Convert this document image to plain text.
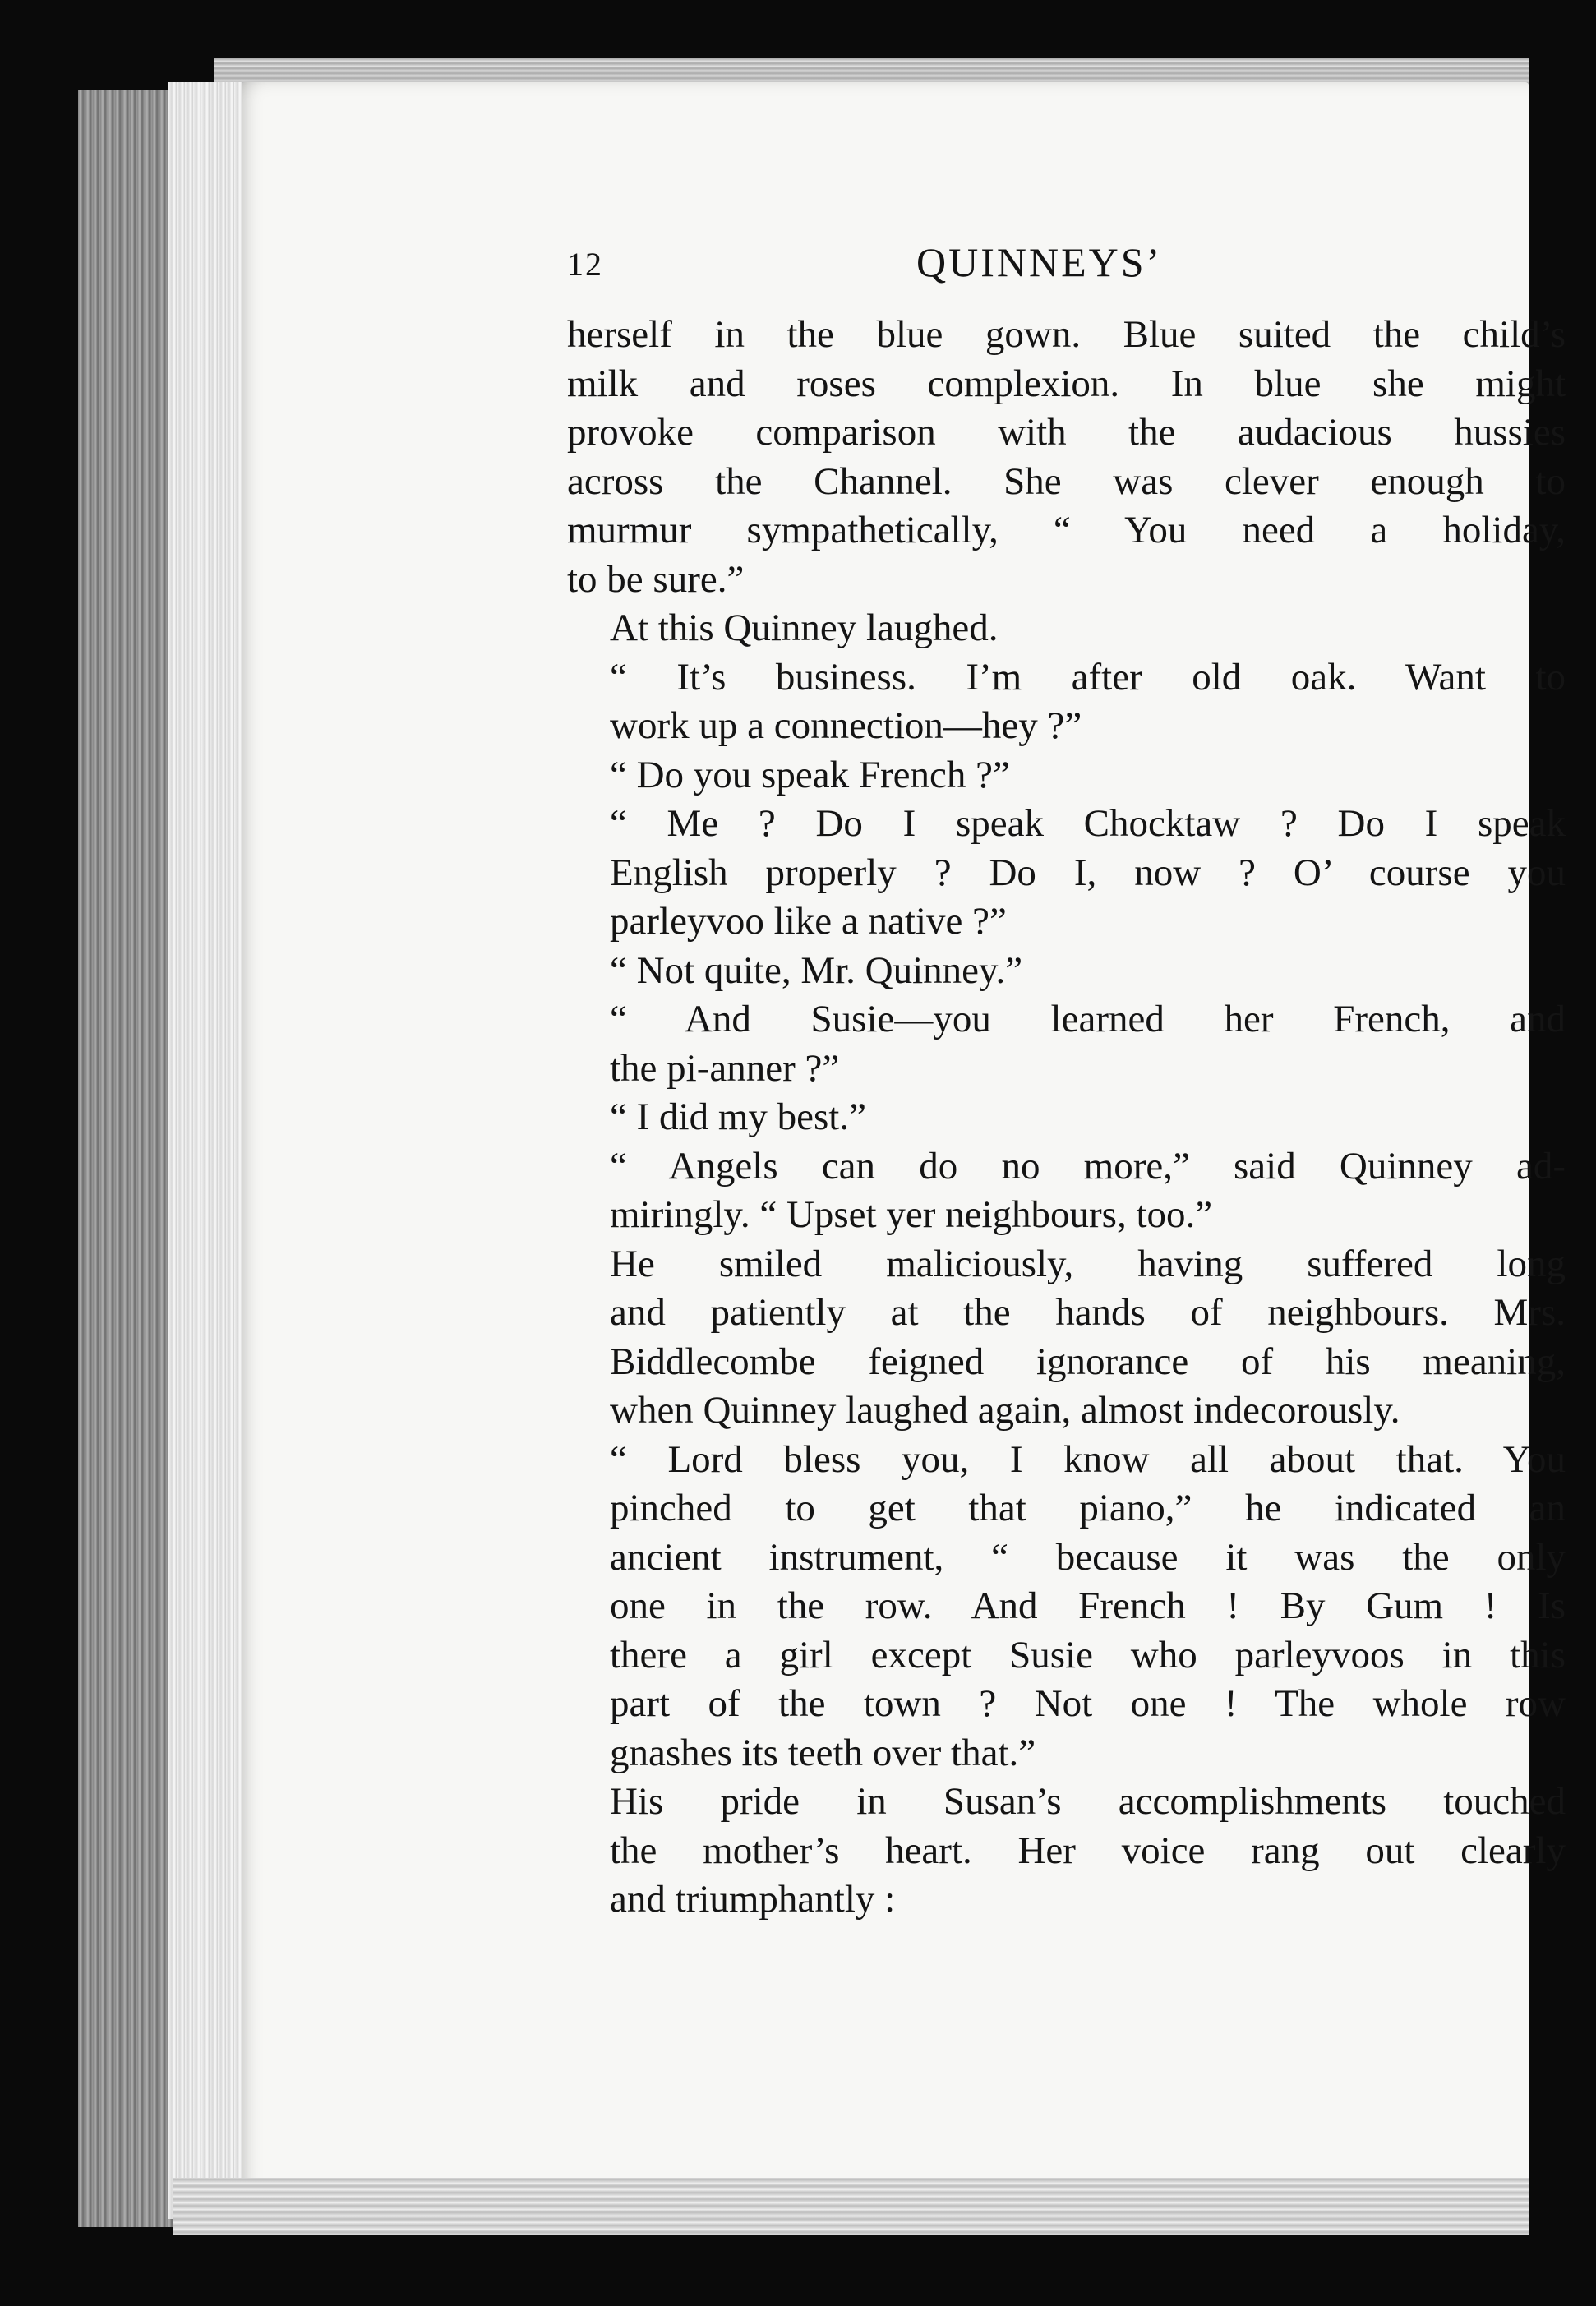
12	QUINNEYS’

herself in the blue gown. Blue suited the child’s
milk and roses complexion. In blue she might
provoke comparison with the audacious hussies
across the Channel. She was clever enough to
murmur sympathetically, “ You need a holiday,
to be sure.”

At this Quinney laughed.

“ It’s business. I’m after old oak. Want to
work up a connection—hey ?”

“ Do you speak French ?”

“ Me ? Do I speak Chocktaw ? Do I speak
English properly ? Do I, now ? O’ course you
parleyvoo like a native ?”

“ Not quite, Mr. Quinney.”

“ And Susie—you learned her French, and
the pi-anner ?”

“ I did my best.”

“ Angels can do no more,” said Quinney ad-
miringly. “ Upset yer neighbours, too.”

He smiled maliciously, having suffered long
and patiently at the hands of neighbours. Mrs.
Biddlecombe feigned ignorance of his meaning,
when Quinney laughed again, almost indecorously.

“ Lord bless you, I know all about that. You
pinched to get that piano,” he indicated an
ancient instrument, “ because it was the only
one in the row. And French ! By Gum ! Is
there a girl except Susie who parleyvoos in this
part of the town ? Not one ! The whole row
gnashes its teeth over that.”

His pride in Susan’s accomplishments touched
the mother’s heart. Her voice rang out clearly
and triumphantly :
